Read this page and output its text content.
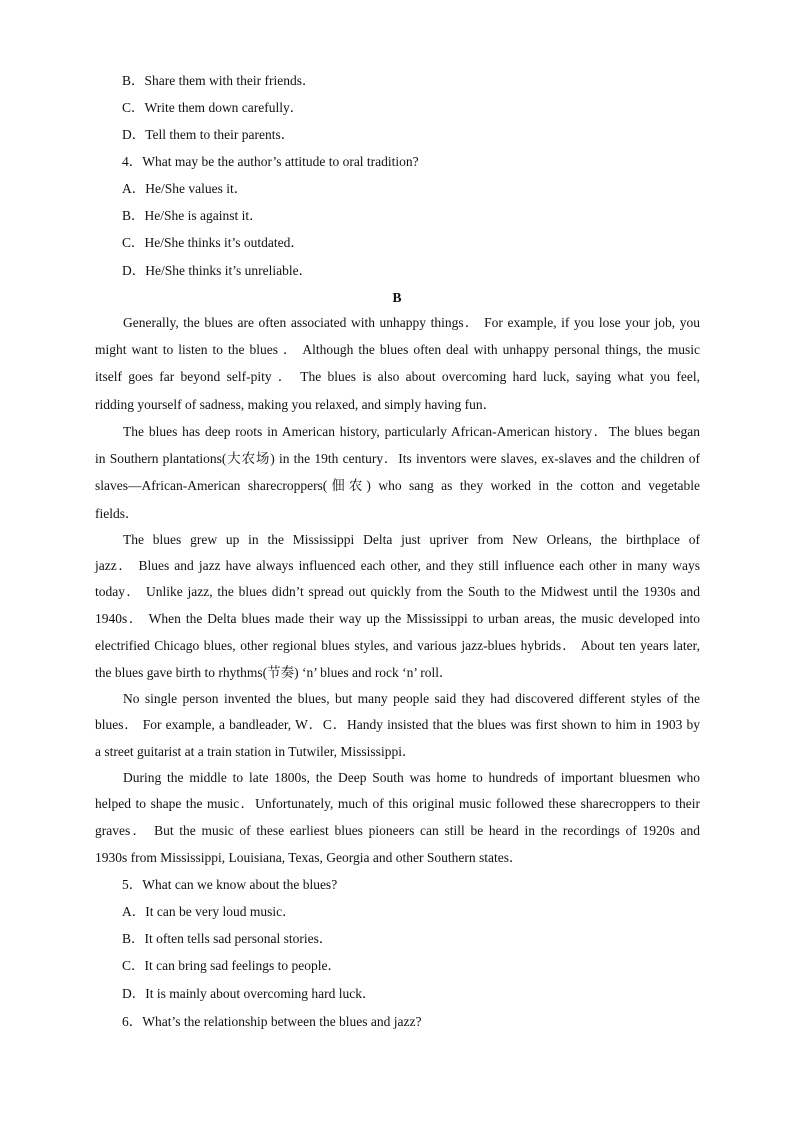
B．Share them with their friends．
C．Write them down carefully．
D．Tell them to their parents．
4．What may be the author’s attitude to oral tradition?
A．He/She values it．
B．He/She is against it．
C．He/She thinks it’s outdated．
D．He/She thinks it’s unreliable．
B
Generally, the blues are often associated with unhappy things． For example, if you lose your job, you
might want to listen to the blues ． Although the blues often deal with unhappy personal things, the music
itself goes far beyond self-pity ． The blues is also about overcoming hard luck, saying what you feel,
ridding yourself of sadness, making you relaxed, and simply having fun．
The blues has deep roots in American history, particularly African-American history．The blues began
in Southern plantations(大农场) in the 19th century．Its inventors were slaves, ex-slaves and the children of
slaves—African-American sharecroppers(佃农) who sang as they worked in the cotton and vegetable
fields．
The blues grew up in the Mississippi Delta just upriver from New Orleans, the birthplace of
jazz． Blues and jazz have always influenced each other, and they still influence each other in many ways
today． Unlike jazz, the blues didn’t spread out quickly from the South to the Midwest until the 1930s and
1940s． When the Delta blues made their way up the Mississippi to urban areas, the music developed into
electrified Chicago blues, other regional blues styles, and various jazz-blues hybrids． About ten years later,
the blues gave birth to rhythms(节奏) ‘n’ blues and rock ‘n’ roll．
No single person invented the blues, but many people said they had discovered different styles of the
blues． For example, a bandleader, W．C．Handy insisted that the blues was first shown to him in 1903 by
a street guitarist at a train station in Tutwiler, Mississippi．
During the middle to late 1800s, the Deep South was home to hundreds of important bluesmen who
helped to shape the music．Unfortunately, much of this original music followed these sharecroppers to their
graves． But the music of these earliest blues pioneers can still be heard in the recordings of 1920s and
1930s from Mississippi, Louisiana, Texas, Georgia and other Southern states．
5．What can we know about the blues?
A．It can be very loud music．
B．It often tells sad personal stories．
C．It can bring sad feelings to people．
D．It is mainly about overcoming hard luck．
6．What’s the relationship between the blues and jazz?
